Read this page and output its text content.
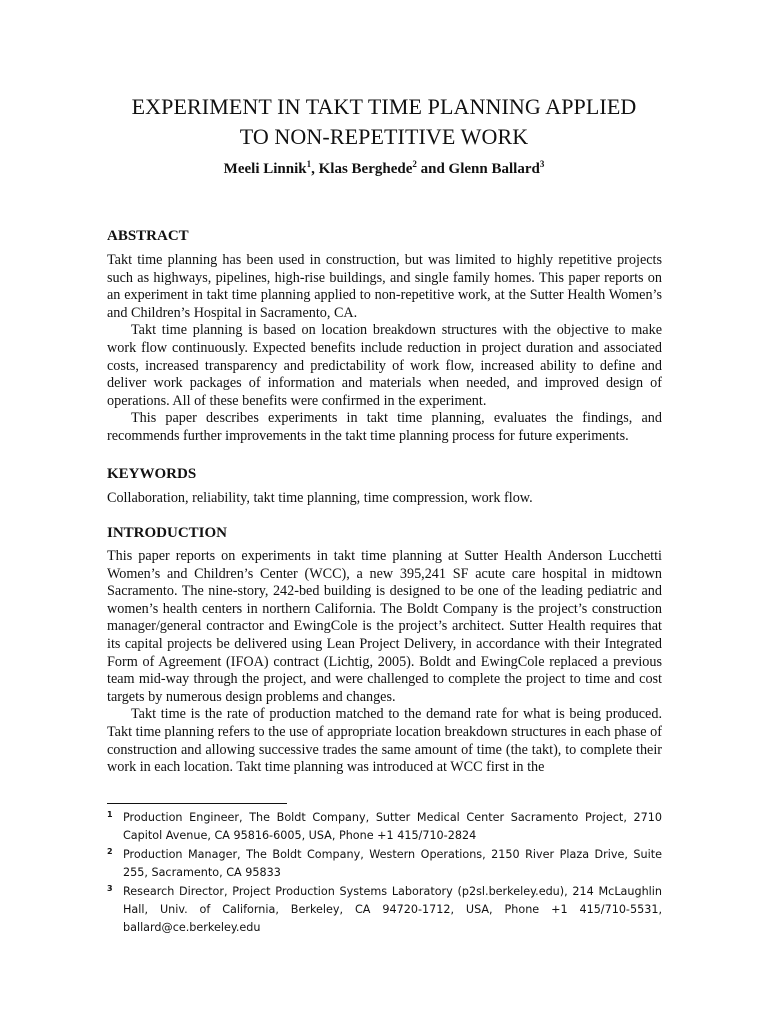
EXPERIMENT IN TAKT TIME PLANNING APPLIED
TO NON-REPETITIVE WORK
Meeli Linnik$^1$, Klas Berghede$^2$ and Glenn Ballard$^3$
ABSTRACT

Takt time planning has been used in construction, but was limited to highly repetitive projects such as highways, pipelines, high-rise buildings, and single family homes. This paper reports on an experiment in takt time planning applied to non-repetitive work, at the Sutter Health Women’s and Children’s Hospital in Sacramento, CA.

Takt time planning is based on location breakdown structures with the objective to make work flow continuously. Expected benefits include reduction in project duration and associated costs, increased transparency and predictability of work flow, increased ability to define and deliver work packages of information and materials when needed, and improved design of operations. All of these benefits were confirmed in the experiment.

This paper describes experiments in takt time planning, evaluates the findings, and recommends further improvements in the takt time planning process for future experiments.

KEYWORDS

Collaboration, reliability, takt time planning, time compression, work flow.

INTRODUCTION

This paper reports on experiments in takt time planning at Sutter Health Anderson Lucchetti Women’s and Children’s Center (WCC), a new 395,241 SF acute care hospital in midtown Sacramento. The nine-story, 242-bed building is designed to be one of the leading pediatric and women’s health centers in northern California. The Boldt Company is the project’s construction manager/general contractor and EwingCole is the project’s architect. Sutter Health requires that its capital projects be delivered using Lean Project Delivery, in accordance with their Integrated Form of Agreement (IFOA) contract (Lichtig, 2005). Boldt and EwingCole replaced a previous team mid-way through the project, and were challenged to complete the project to time and cost targets by numerous design problems and changes.

Takt time is the rate of production matched to the demand rate for what is being produced. Takt time planning refers to the use of appropriate location breakdown structures in each phase of construction and allowing successive trades the same amount of time (the takt), to complete their work in each location. Takt time planning was introduced at WCC first in the

1 Production Engineer, The Boldt Company, Sutter Medical Center Sacramento Project, 2710 Capitol Avenue, CA 95816-6005, USA, Phone +1 415/710-2824

2 Production Manager, The Boldt Company, Western Operations, 2150 River Plaza Drive, Suite 255, Sacramento, CA 95833

3 Research Director, Project Production Systems Laboratory (p2sl.berkeley.edu), 214 McLaughlin Hall, Univ. of California, Berkeley, CA 94720-1712, USA, Phone +1 415/710-5531, ballard@ce.berkeley.edu
